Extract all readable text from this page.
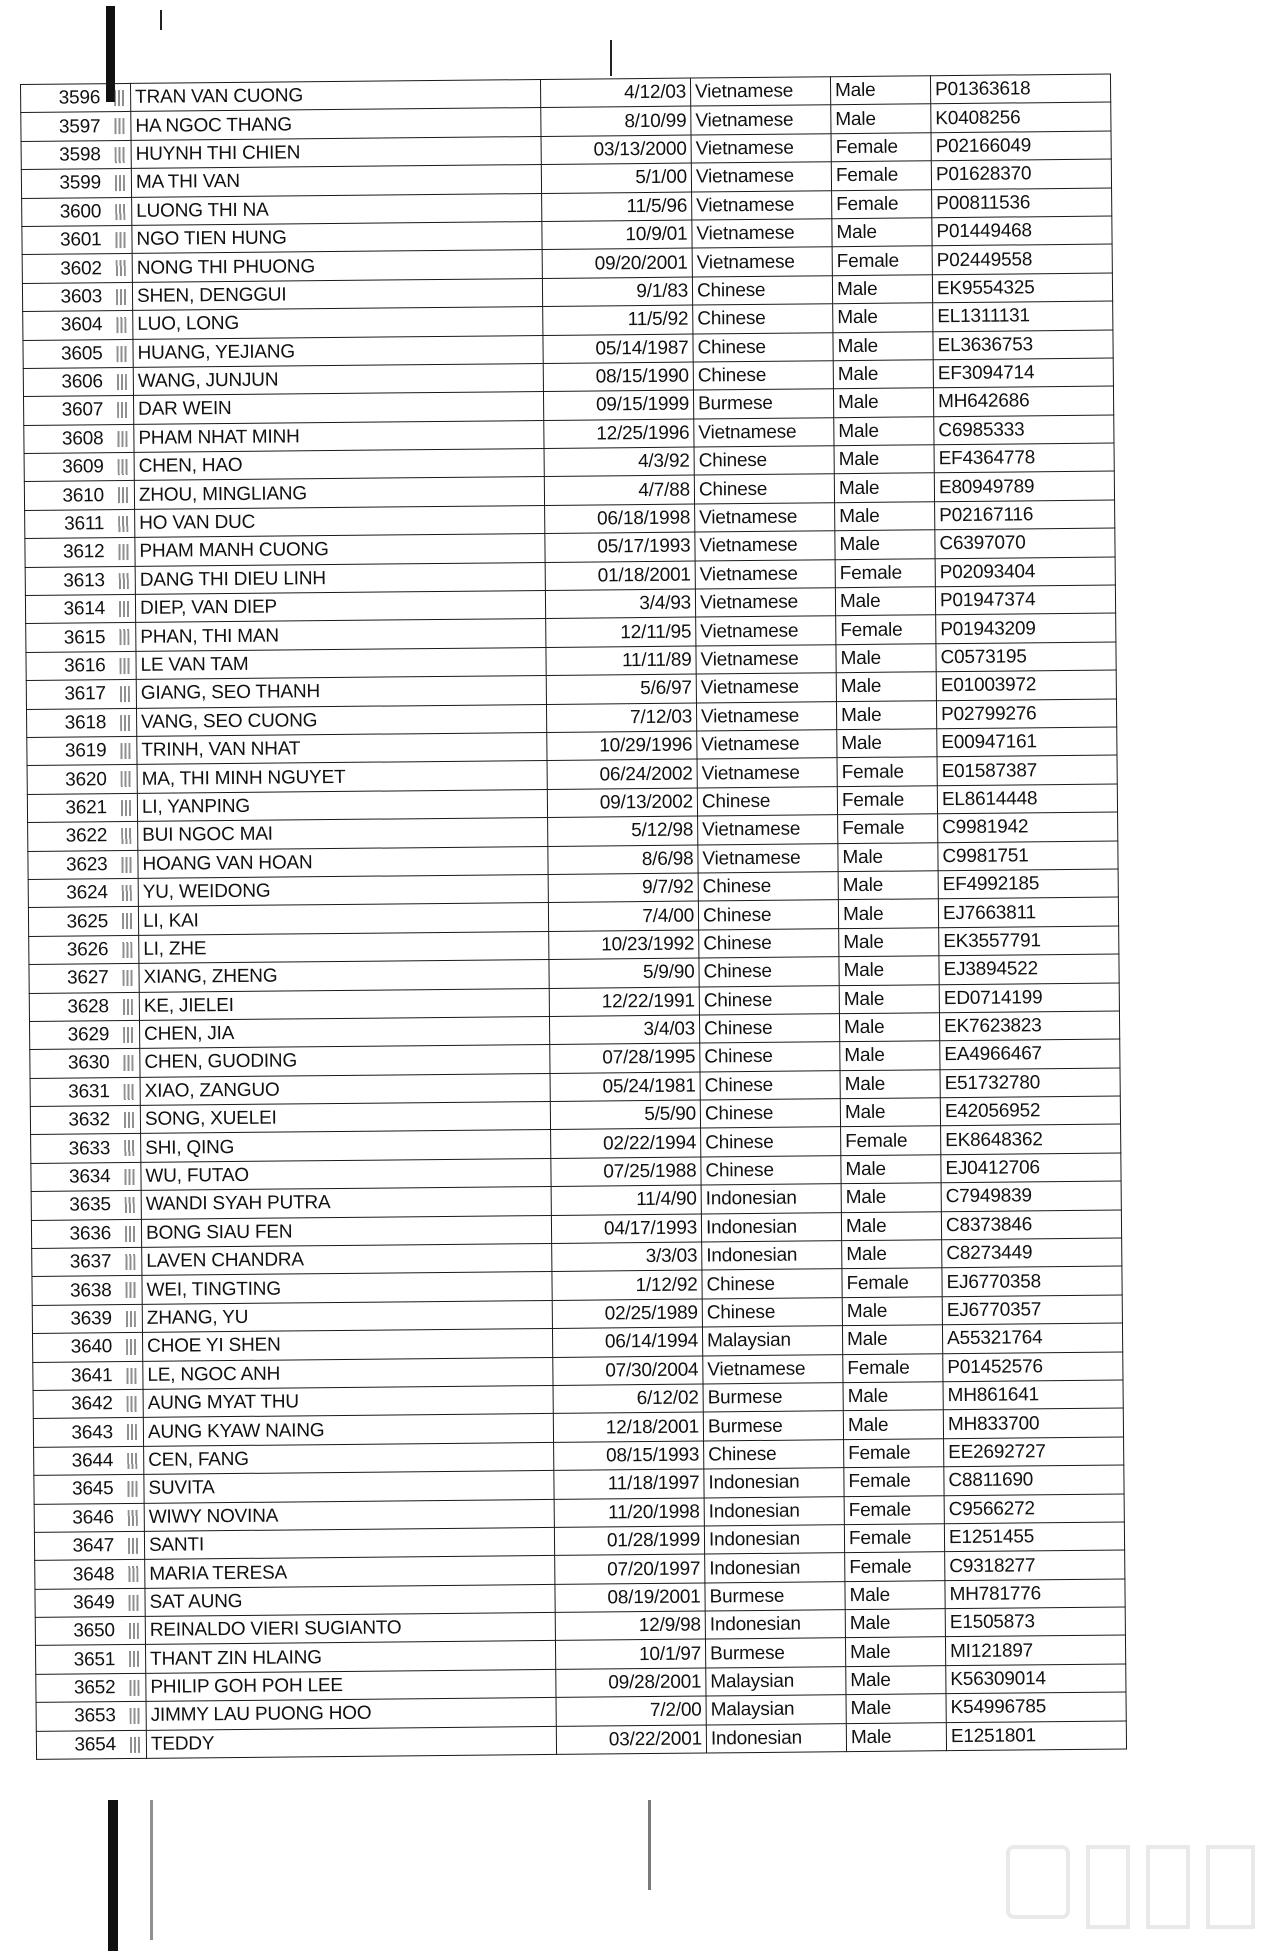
3596	TRAN VAN CUONG	4/12/03	Vietnamese	Male	P01363618
3597	HA NGOC THANG	8/10/99	Vietnamese	Male	K0408256
3598	HUYNH THI CHIEN	03/13/2000	Vietnamese	Female	P02166049
3599	MA THI VAN	5/1/00	Vietnamese	Female	P01628370
3600	LUONG THI NA	11/5/96	Vietnamese	Female	P00811536
3601	NGO TIEN HUNG	10/9/01	Vietnamese	Male	P01449468
3602	NONG THI PHUONG	09/20/2001	Vietnamese	Female	P02449558
3603	SHEN, DENGGUI	9/1/83	Chinese	Male	EK9554325
3604	LUO, LONG	11/5/92	Chinese	Male	EL1311131
3605	HUANG, YEJIANG	05/14/1987	Chinese	Male	EL3636753
3606	WANG, JUNJUN	08/15/1990	Chinese	Male	EF3094714
3607	DAR WEIN	09/15/1999	Burmese	Male	MH642686
3608	PHAM NHAT MINH	12/25/1996	Vietnamese	Male	C6985333
3609	CHEN, HAO	4/3/92	Chinese	Male	EF4364778
3610	ZHOU, MINGLIANG	4/7/88	Chinese	Male	E80949789
3611	HO VAN DUC	06/18/1998	Vietnamese	Male	P02167116
3612	PHAM MANH CUONG	05/17/1993	Vietnamese	Male	C6397070
3613	DANG THI DIEU LINH	01/18/2001	Vietnamese	Female	P02093404
3614	DIEP, VAN DIEP	3/4/93	Vietnamese	Male	P01947374
3615	PHAN, THI MAN	12/11/95	Vietnamese	Female	P01943209
3616	LE VAN TAM	11/11/89	Vietnamese	Male	C0573195
3617	GIANG, SEO THANH	5/6/97	Vietnamese	Male	E01003972
3618	VANG, SEO CUONG	7/12/03	Vietnamese	Male	P02799276
3619	TRINH, VAN NHAT	10/29/1996	Vietnamese	Male	E00947161
3620	MA, THI MINH NGUYET	06/24/2002	Vietnamese	Female	E01587387
3621	LI, YANPING	09/13/2002	Chinese	Female	EL8614448
3622	BUI NGOC MAI	5/12/98	Vietnamese	Female	C9981942
3623	HOANG VAN HOAN	8/6/98	Vietnamese	Male	C9981751
3624	YU, WEIDONG	9/7/92	Chinese	Male	EF4992185
3625	LI, KAI	7/4/00	Chinese	Male	EJ7663811
3626	LI, ZHE	10/23/1992	Chinese	Male	EK3557791
3627	XIANG, ZHENG	5/9/90	Chinese	Male	EJ3894522
3628	KE, JIELEI	12/22/1991	Chinese	Male	ED0714199
3629	CHEN, JIA	3/4/03	Chinese	Male	EK7623823
3630	CHEN, GUODING	07/28/1995	Chinese	Male	EA4966467
3631	XIAO, ZANGUO	05/24/1981	Chinese	Male	E51732780
3632	SONG, XUELEI	5/5/90	Chinese	Male	E42056952
3633	SHI, QING	02/22/1994	Chinese	Female	EK8648362
3634	WU, FUTAO	07/25/1988	Chinese	Male	EJ0412706
3635	WANDI SYAH PUTRA	11/4/90	Indonesian	Male	C7949839
3636	BONG SIAU FEN	04/17/1993	Indonesian	Male	C8373846
3637	LAVEN CHANDRA	3/3/03	Indonesian	Male	C8273449
3638	WEI, TINGTING	1/12/92	Chinese	Female	EJ6770358
3639	ZHANG, YU	02/25/1989	Chinese	Male	EJ6770357
3640	CHOE YI SHEN	06/14/1994	Malaysian	Male	A55321764
3641	LE, NGOC ANH	07/30/2004	Vietnamese	Female	P01452576
3642	AUNG MYAT THU	6/12/02	Burmese	Male	MH861641
3643	AUNG KYAW NAING	12/18/2001	Burmese	Male	MH833700
3644	CEN, FANG	08/15/1993	Chinese	Female	EE2692727
3645	SUVITA	11/18/1997	Indonesian	Female	C8811690
3646	WIWY NOVINA	11/20/1998	Indonesian	Female	C9566272
3647	SANTI	01/28/1999	Indonesian	Female	E1251455
3648	MARIA TERESA	07/20/1997	Indonesian	Female	C9318277
3649	SAT AUNG	08/19/2001	Burmese	Male	MH781776
3650	REINALDO VIERI SUGIANTO	12/9/98	Indonesian	Male	E1505873
3651	THANT ZIN HLAING	10/1/97	Burmese	Male	MI121897
3652	PHILIP GOH POH LEE	09/28/2001	Malaysian	Male	K56309014
3653	JIMMY LAU PUONG HOO	7/2/00	Malaysian	Male	K54996785
3654	TEDDY	03/22/2001	Indonesian	Male	E1251801
